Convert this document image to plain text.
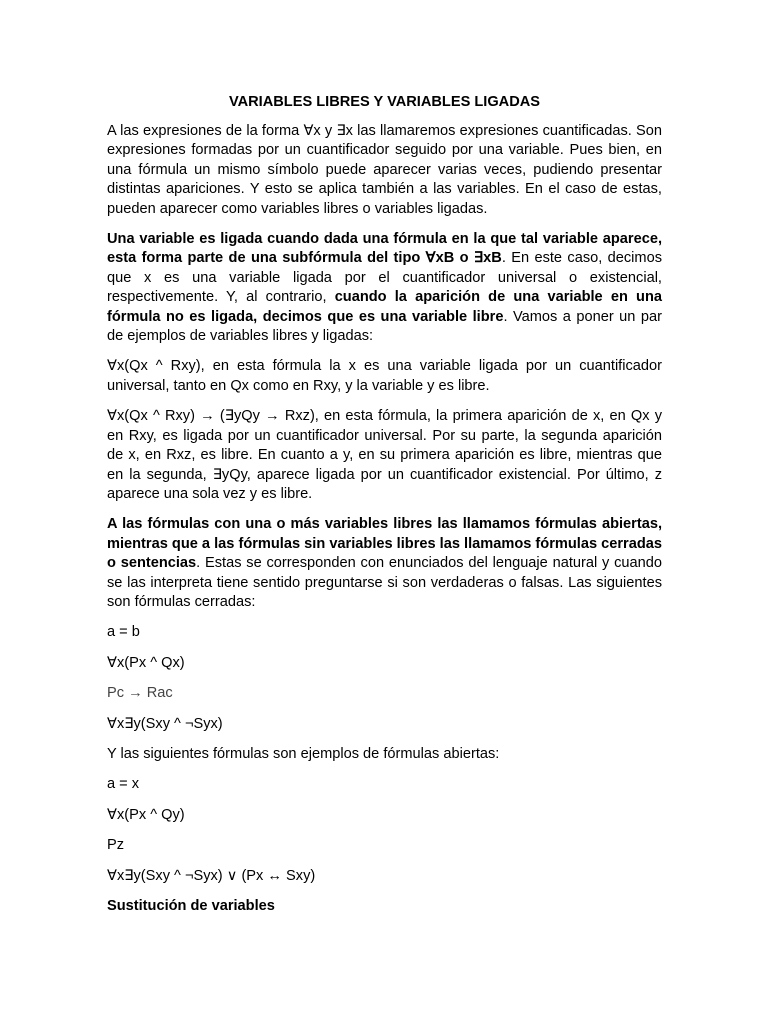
VARIABLES LIBRES Y VARIABLES LIGADAS
A las expresiones de la forma ∀x y ∃x las llamaremos expresiones cuantificadas. Son expresiones formadas por un cuantificador seguido por una variable. Pues bien, en una fórmula un mismo símbolo puede aparecer varias veces, pudiendo presentar distintas apariciones. Y esto se aplica también a las variables. En el caso de estas, pueden aparecer como variables libres o variables ligadas.
Una variable es ligada cuando dada una fórmula en la que tal variable aparece, esta forma parte de una subfórmula del tipo ∀xB o ∃xB. En este caso, decimos que x es una variable ligada por el cuantificador universal o existencial, respectivemente. Y, al contrario, cuando la aparición de una variable en una fórmula no es ligada, decimos que es una variable libre. Vamos a poner un par de ejemplos de variables libres y ligadas:
∀x(Qx ^ Rxy), en esta fórmula la x es una variable ligada por un cuantificador universal, tanto en Qx como en Rxy, y la variable y es libre.
∀x(Qx ^ Rxy) → (∃yQy → Rxz), en esta fórmula, la primera aparición de x, en Qx y en Rxy, es ligada por un cuantificador universal. Por su parte, la segunda aparición de x, en Rxz, es libre. En cuanto a y, en su primera aparición es libre, mientras que en la segunda, ∃yQy, aparece ligada por un cuantificador existencial. Por último, z aparece una sola vez y es libre.
A las fórmulas con una o más variables libres las llamamos fórmulas abiertas, mientras que a las fórmulas sin variables libres las llamamos fórmulas cerradas o sentencias. Estas se corresponden con enunciados del lenguaje natural y cuando se las interpreta tiene sentido preguntarse si son verdaderas o falsas. Las siguientes son fórmulas cerradas:
a = b
∀x(Px ^ Qx)
Pc → Rac
∀x∃y(Sxy ^ ¬Syx)
Y las siguientes fórmulas son ejemplos de fórmulas abiertas:
a = x
∀x(Px ^ Qy)
Pz
∀x∃y(Sxy ^ ¬Syx) ∨ (Px ↔ Sxy)
Sustitución de variables
